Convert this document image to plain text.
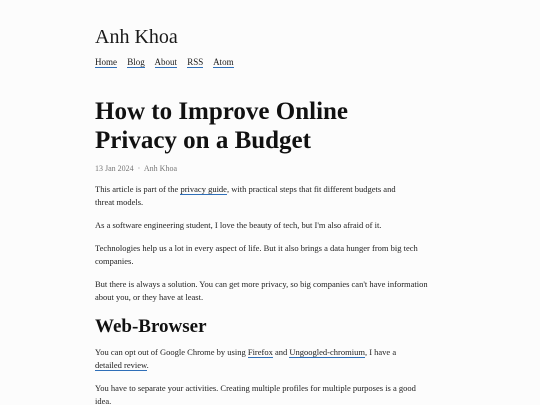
Anh Khoa
Home Blog About RSS Atom
How to Improve Online
Privacy on a Budget
13 Jan 2024 · Anh Khoa

This article is part of the privacy guide, with practical steps that fit different budgets and threat models.

As a software engineering student, I love the beauty of tech, but I'm also afraid of it.

Technologies help us a lot in every aspect of life. But it also brings a data hunger from big tech companies.

But there is always a solution. You can get more privacy, so big companies can't have information about you, or they have at least.

Web-Browser

You can opt out of Google Chrome by using Firefox and Ungoogled-chromium, I have a detailed review.

You have to separate your activities. Creating multiple profiles for multiple purposes is a good idea.
